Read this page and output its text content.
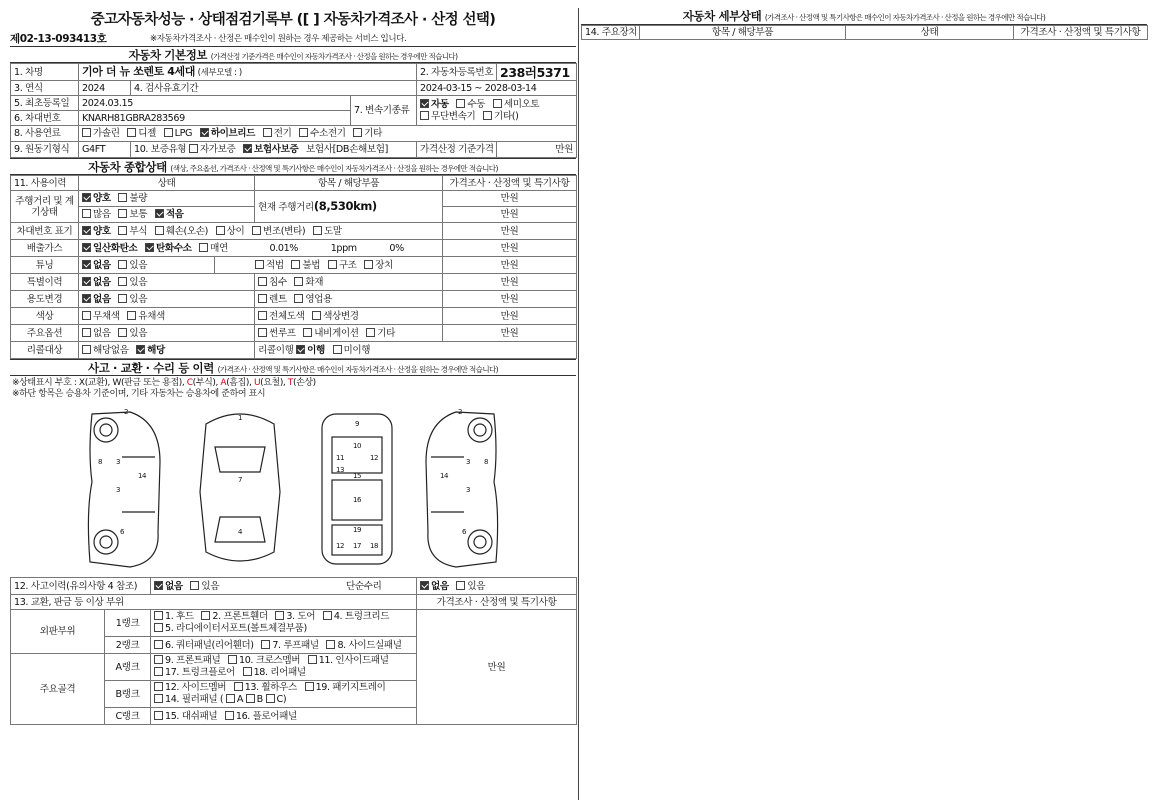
중고자동차성능 · 상태점검기록부 ([ ] 자동차가격조사 · 산정 선택)
제02-13-093413호	※자동차가격조사 · 산정은 매수인이 원하는 경우 제공하는 서비스 입니다.
자동차 기본정보 (가격산정 기준가격은 매수인이 자동차가격조사 · 산정을 원하는 경우에만 적습니다)
1. 차명	기아 더 뉴 쏘렌토 4세대 (세부모델 : )			2. 자동차등록번호	238러5371
3. 연식	2024	4. 검사유효기간		2024-03-15 ~ 2028-03-14	
5. 최초등록일	2024.03.15		7. 변속기종류	자동 수동 세미오토
무단변속기 기타()	
6. 차대번호	KNARH81GBRA283569				
8. 사용연료	가솔린 디젤 LPG 하이브리드 전기 수소전기 기타				
9. 원동기형식	G4FT	10. 보증유형 자가보증 보험사보증 보험사[DB손해보험]		가격산정 기준가격	만원
자동차 종합상태 (색상, 주요옵션, 가격조사 · 산정액 및 특기사항은 매수인이 자동차가격조사 · 산정을 원하는 경우에만 적습니다)
11. 사용이력	상태		항목 / 해당부품	가격조사 · 산정액 및 특기사항
주행거리 및 계기상태	양호 불량		현재 주행거리(8,530km)	만원
	많음 보통 적음			만원
차대번호 표기	양호 부식 훼손(오손) 상이 변조(변타) 도말			만원
배출가스	일산화탄소 탄화수소 매연 0.01% 1ppm 0%			만원
튜닝	없음 있음	적법 불법 구조 장치		만원
특별이력	없음 있음		침수 화재	만원
용도변경	없음 있음		렌트 영업용	만원
색상	무채색 유채색		전체도색 색상변경	만원
주요옵션	없음 있음		썬루프 내비게이션 기타	만원
리콜대상	해당없음 해당		리콜이행 이행 미이행	
사고 · 교환 · 수리 등 이력 (가격조사 · 산정액 및 특기사항은 매수인이 자동차가격조사 · 산정을 원하는 경우에만 적습니다)
※상태표시 부호 : X(교환), W(판금 또는 용접), C(부식), A(흠집), U(요철), T(손상)
※하단 항목은 승용차 기준이며, 기타 자동차는 승용차에 준하여 표시
2
3
3
8
14
6
1
7
4
9
10
11	12
13
15
16
19
17
12	18
2
3
3
8
14
6
12. 사고이력(유의사항 4 참조)		없음 있음 단순수리	없음 있음
13. 교환, 판금 등 이상 부위			가격조사 · 산정액 및 특기사항
외판부위	1랭크	1. 후드 2. 프론트휀더 3. 도어 4. 트렁크리드
5. 라디에이터서포트(볼트체결부품)	만원
	2랭크	6. 쿼터패널(리어휀더) 7. 루프패널 8. 사이드실패널	
주요골격	A랭크	9. 프론트패널 10. 크로스멤버 11. 인사이드패널
17. 트렁크플로어 18. 리어패널	
	B랭크	12. 사이드멤버 13. 휠하우스 19. 패키지트레이
14. 필러패널 ( A B C)	
	C랭크	15. 대쉬패널 16. 플로어패널	
자동차 세부상태 (가격조사 · 산정액 및 특기사항은 매수인이 자동차가격조사 · 산정을 원하는 경우에만 적습니다)
14. 주요장치	항목 / 해당부품	상태	가격조사 · 산정액 및 특기사항
